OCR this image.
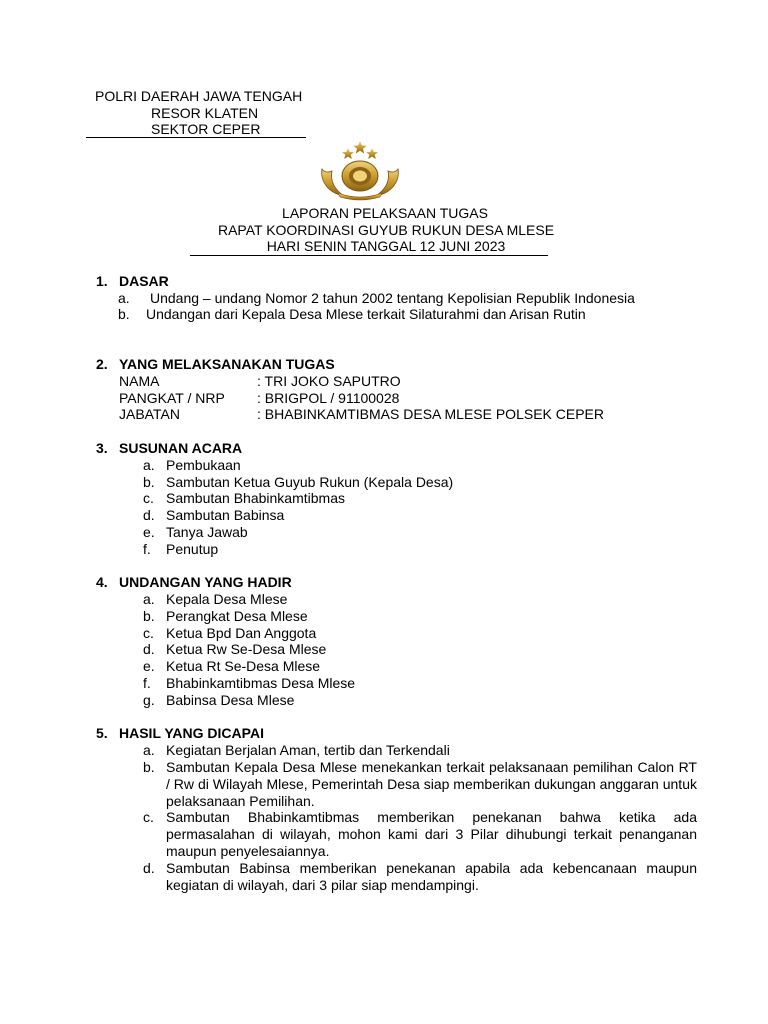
POLRI DAERAH JAWA TENGAH
RESOR KLATEN
SEKTOR CEPER
LAPORAN PELAKSAAN TUGAS
RAPAT KOORDINASI GUYUB RUKUN DESA MLESE
HARI SENIN TANGGAL 12 JUNI 2023
1. DASAR
a. Undang – undang Nomor 2 tahun 2002 tentang Kepolisian Republik Indonesia
b. Undangan dari Kepala Desa Mlese terkait Silaturahmi dan Arisan Rutin
2. YANG MELAKSANAKAN TUGAS
NAMA	: TRI JOKO SAPUTRO
PANGKAT / NRP : BRIGPOL / 91100028
JABATAN	: BHABINKAMTIBMAS DESA MLESE POLSEK CEPER
3. SUSUNAN ACARA
a. Pembukaan
b. Sambutan Ketua Guyub Rukun (Kepala Desa)
c. Sambutan Bhabinkamtibmas
d. Sambutan Babinsa
e. Tanya Jawab
f. Penutup
4. UNDANGAN YANG HADIR
a. Kepala Desa Mlese
b. Perangkat Desa Mlese
c. Ketua Bpd Dan Anggota
d. Ketua Rw Se-Desa Mlese
e. Ketua Rt Se-Desa Mlese
f. Bhabinkamtibmas Desa Mlese
g. Babinsa Desa Mlese
5. HASIL YANG DICAPAI
a. Kegiatan Berjalan Aman, tertib dan Terkendali
b. Sambutan Kepala Desa Mlese menekankan terkait pelaksanaan pemilihan Calon RT / Rw di Wilayah Mlese, Pemerintah Desa siap memberikan dukungan anggaran untuk pelaksanaan Pemilihan.
c. Sambutan Bhabinkamtibmas memberikan penekanan bahwa ketika ada permasalahan di wilayah, mohon kami dari 3 Pilar dihubungi terkait penanganan maupun penyelesaiannya.
d. Sambutan Babinsa memberikan penekanan apabila ada kebencanaan maupun kegiatan di wilayah, dari 3 pilar siap mendampingi.
